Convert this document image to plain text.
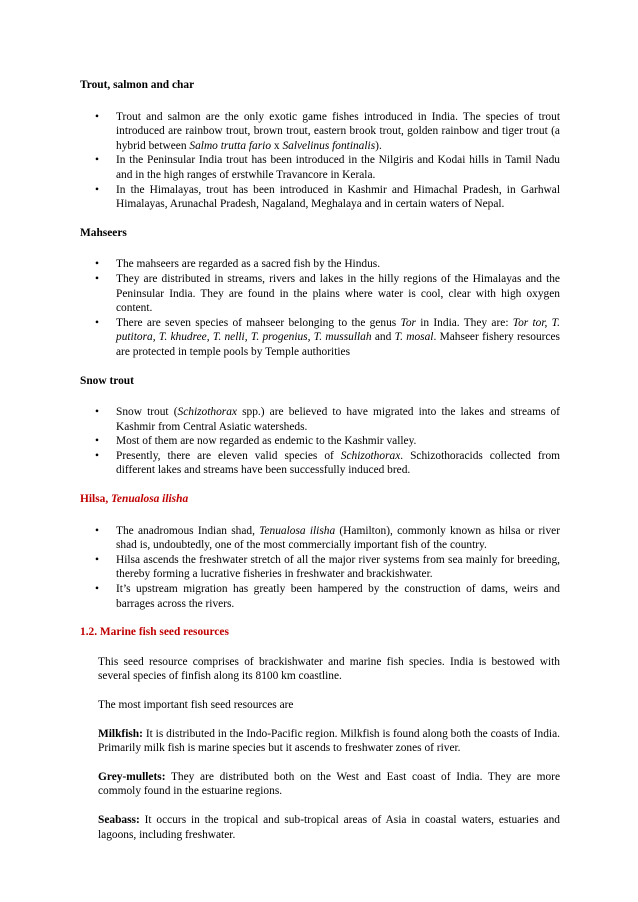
Trout, salmon and char

• Trout and salmon are the only exotic game fishes introduced in India. The species of trout introduced are rainbow trout, brown trout, eastern brook trout, golden rainbow and tiger trout (a hybrid between Salmo trutta fario x Salvelinus fontinalis).
• In the Peninsular India trout has been introduced in the Nilgiris and Kodai hills in Tamil Nadu and in the high ranges of erstwhile Travancore in Kerala.
• In the Himalayas, trout has been introduced in Kashmir and Himachal Pradesh, in Garhwal Himalayas, Arunachal Pradesh, Nagaland, Meghalaya and in certain waters of Nepal.

Mahseers

• The mahseers are regarded as a sacred fish by the Hindus.
• They are distributed in streams, rivers and lakes in the hilly regions of the Himalayas and the Peninsular India. They are found in the plains where water is cool, clear with high oxygen content.
• There are seven species of mahseer belonging to the genus Tor in India. They are: Tor tor, T. putitora, T. khudree, T. nelli, T. progenius, T. mussullah and T. mosal. Mahseer fishery resources are protected in temple pools by Temple authorities

Snow trout

• Snow trout (Schizothorax spp.) are believed to have migrated into the lakes and streams of Kashmir from Central Asiatic watersheds.
• Most of them are now regarded as endemic to the Kashmir valley.
• Presently, there are eleven valid species of Schizothorax. Schizothoracids collected from different lakes and streams have been successfully induced bred.

Hilsa, Tenualosa ilisha

• The anadromous Indian shad, Tenualosa ilisha (Hamilton), commonly known as hilsa or river shad is, undoubtedly, one of the most commercially important fish of the country.
• Hilsa ascends the freshwater stretch of all the major river systems from sea mainly for breeding, thereby forming a lucrative fisheries in freshwater and brackishwater.
• It’s upstream migration has greatly been hampered by the construction of dams, weirs and barrages across the rivers.

1.2. Marine fish seed resources

This seed resource comprises of brackishwater and marine fish species. India is bestowed with several species of finfish along its 8100 km coastline.

The most important fish seed resources are

Milkfish: It is distributed in the Indo-Pacific region. Milkfish is found along both the coasts of India. Primarily milk fish is marine species but it ascends to freshwater zones of river.

Grey-mullets: They are distributed both on the West and East coast of India. They are more commoly found in the estuarine regions.

Seabass: It occurs in the tropical and sub-tropical areas of Asia in coastal waters, estuaries and lagoons, including freshwater.
